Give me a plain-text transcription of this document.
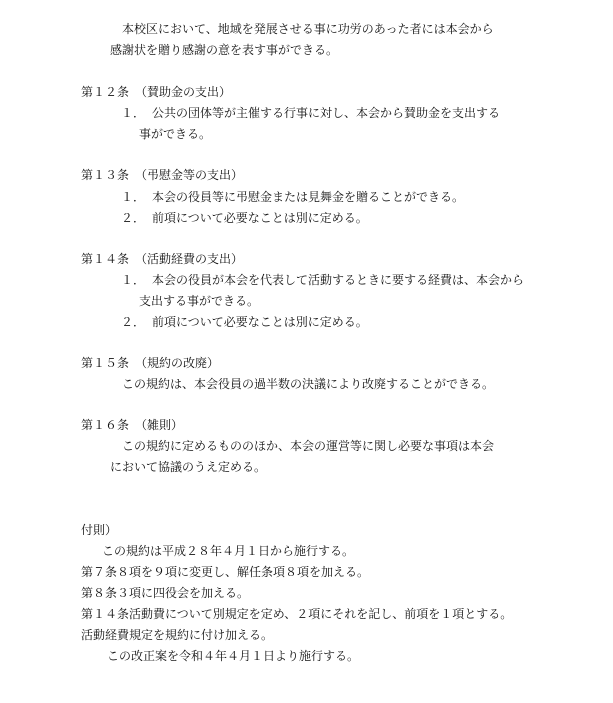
本校区において、地域を発展させる事に功労のあった者には本会から
感謝状を贈り感謝の意を表す事ができる。
第１２条　（賛助金の支出）
１． 公共の団体等が主催する行事に対し、本会から賛助金を支出する
事ができる。
第１３条　（弔慰金等の支出）
１． 本会の役員等に弔慰金または見舞金を贈ることができる。
２． 前項について必要なことは別に定める。
第１４条　（活動経費の支出）
１． 本会の役員が本会を代表して活動するときに要する経費は、本会から
支出する事ができる。
２． 前項について必要なことは別に定める。
第１５条　（規約の改廃）
この規約は、本会役員の過半数の決議により改廃することができる。
第１６条　（雑則）
この規約に定めるもののほか、本会の運営等に関し必要な事項は本会
において協議のうえ定める。
付則）
この規約は平成２８年４月１日から施行する。
第７条８項を９項に変更し、解任条項８項を加える。
第８条３項に四役会を加える。
第１４条活動費について別規定を定め、２項にそれを記し、前項を１項とする。
活動経費規定を規約に付け加える。
この改正案を令和４年４月１日より施行する。
